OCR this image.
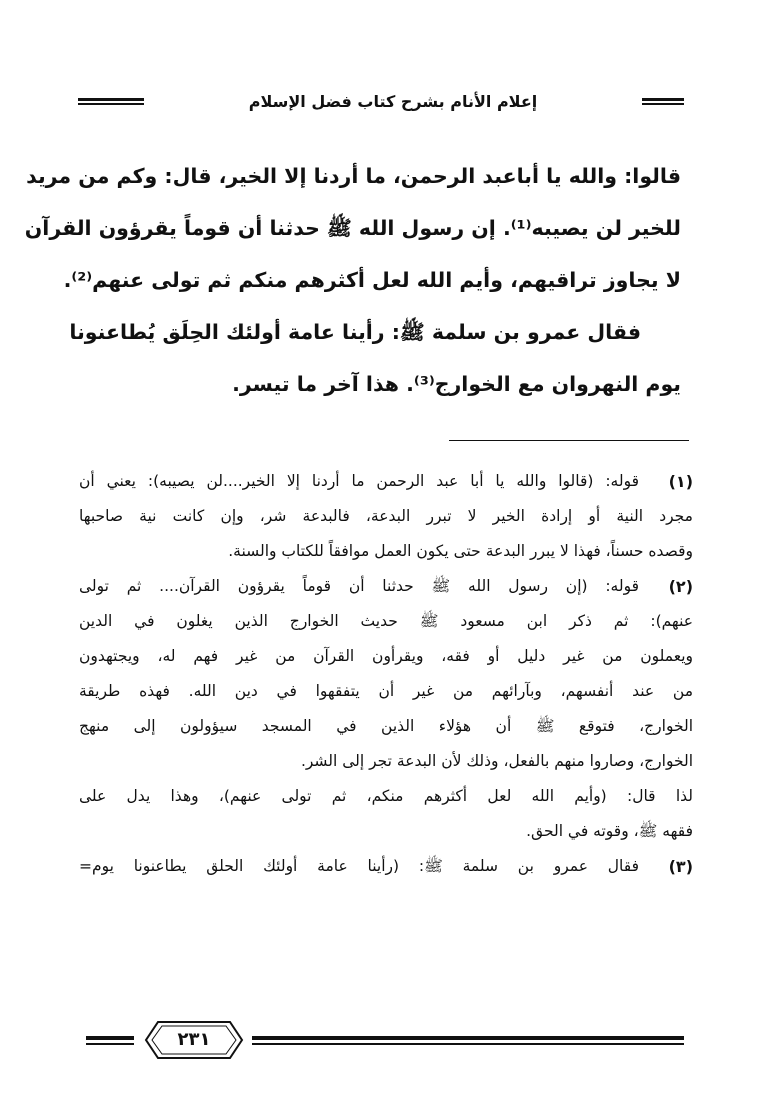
إعلام الأنام بشرح كتاب فضل الإسلام
قالوا: والله يا أباعبد الرحمن، ما أردنا إلا الخير، قال: وكم من مريد
للخير لن يصيبه⁽¹⁾. إن رسول الله ﷺ حدثنا أن قوماً يقرؤون القرآن
لا يجاوز تراقيهم، وأيم الله لعل أكثرهم منكم ثم تولى عنهم⁽²⁾.
فقال عمرو بن سلمة ﷺ: رأينا عامة أولئك الحِلَق يُطاعنونا
يوم النهروان مع الخوارج⁽³⁾. هذا آخر ما تيسر.
(١)
قوله: (قالوا والله يا أبا عبد الرحمن ما أردنا إلا الخير....لن يصيبه): يعني أن
مجرد النية أو إرادة الخير لا تبرر البدعة، فالبدعة شر، وإن كانت نية صاحبها
وقصده حسناً، فهذا لا يبرر البدعة حتى يكون العمل موافقاً للكتاب والسنة.
(٢)
قوله: (إن رسول الله ﷺ حدثنا أن قوماً يقرؤون القرآن.... ثم تولى
عنهم): ثم ذكر ابن مسعود ﷺ حديث الخوارج الذين يغلون في الدين
ويعملون من غير دليل أو فقه، ويقرأون القرآن من غير فهم له، ويجتهدون
من عند أنفسهم، وبآرائهم من غير أن يتفقهوا في دين الله. فهذه طريقة
الخوارج، فتوقع ﷺ أن هؤلاء الذين في المسجد سيؤولون إلى منهج
الخوارج، وصاروا منهم بالفعل، وذلك لأن البدعة تجر إلى الشر.
لذا قال: (وأيم الله لعل أكثرهم منكم، ثم تولى عنهم)، وهذا يدل على
فقهه ﷺ، وقوته في الحق.
(٣)
فقال عمرو بن سلمة ﷺ: (رأينا عامة أولئك الحلق يطاعنونا يوم=
٢٣١
